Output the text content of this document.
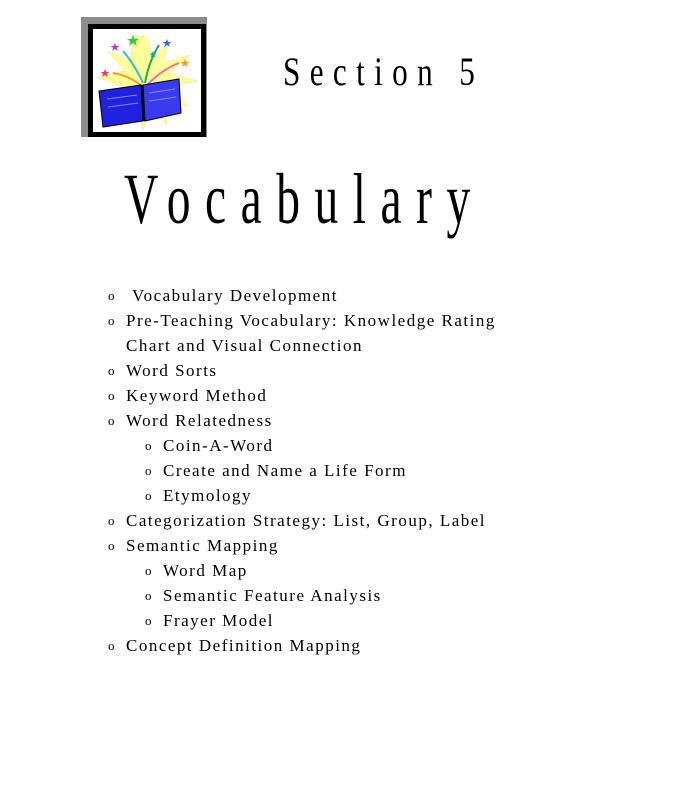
Section 5
Vocabulary
o Vocabulary Development
o Pre-Teaching Vocabulary: Knowledge Rating
Chart and Visual Connection
o Word Sorts
o Keyword Method
o Word Relatedness
o Coin-A-Word
o Create and Name a Life Form
o Etymology
o Categorization Strategy: List, Group, Label
o Semantic Mapping
o Word Map
o Semantic Feature Analysis
o Frayer Model
o Concept Definition Mapping
